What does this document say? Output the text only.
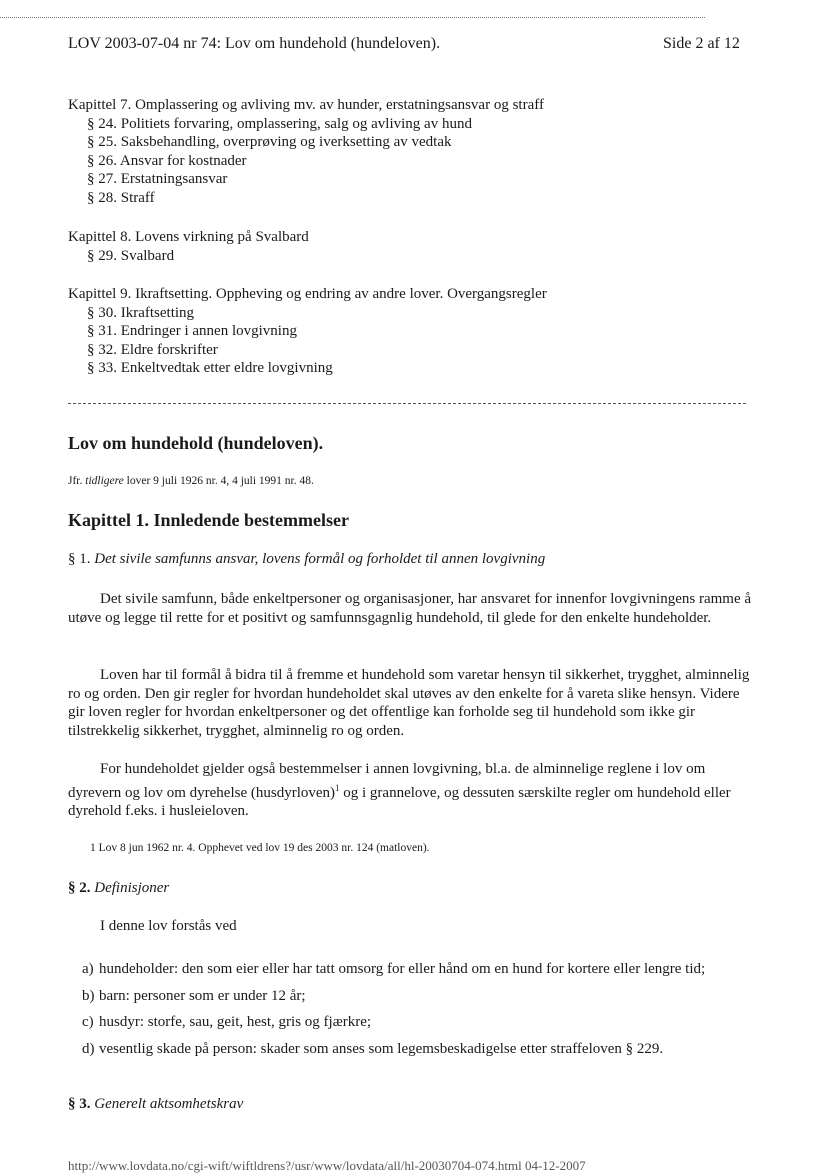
LOV 2003-07-04 nr 74: Lov om hundehold (hundeloven).	Side 2 af 12

Kapittel 7. Omplassering og avliving mv. av hunder, erstatningsansvar og straff

§ 24. Politiets forvaring, omplassering, salg og avliving av hund

§ 25. Saksbehandling, overprøving og iverksetting av vedtak

§ 26. Ansvar for kostnader

§ 27. Erstatningsansvar

§ 28. Straff

Kapittel 8. Lovens virkning på Svalbard

§ 29. Svalbard

Kapittel 9. Ikraftsetting. Oppheving og endring av andre lover. Overgangsregler

§ 30. Ikraftsetting

§ 31. Endringer i annen lovgivning

§ 32. Eldre forskrifter

§ 33. Enkeltvedtak etter eldre lovgivning

Lov om hundehold (hundeloven).
Jfr. tidligere lover 9 juli 1926 nr. 4, 4 juli 1991 nr. 48.
Kapittel 1. Innledende bestemmelser
§ 1. Det sivile samfunns ansvar, lovens formål og forholdet til annen lovgivning

Det sivile samfunn, både enkeltpersoner og organisasjoner, har ansvaret for innenfor lovgivningens ramme å utøve og legge til rette for et positivt og samfunnsgagnlig hundehold, til glede for den enkelte hundeholder.

Loven har til formål å bidra til å fremme et hundehold som varetar hensyn til sikkerhet, trygghet, alminnelig ro og orden. Den gir regler for hvordan hundeholdet skal utøves av den enkelte for å vareta slike hensyn. Videre gir loven regler for hvordan enkeltpersoner og det offentlige kan forholde seg til hundehold som ikke gir tilstrekkelig sikkerhet, trygghet, alminnelig ro og orden.

For hundeholdet gjelder også bestemmelser i annen lovgivning, bl.a. de alminnelige reglene i lov om dyrevern og lov om dyrehelse (husdyrloven)$^1$ og i grannelove, og dessuten særskilte regler om hundehold eller dyrehold f.eks. i husleieloven.

1 Lov 8 jun 1962 nr. 4. Opphevet ved lov 19 des 2003 nr. 124 (matloven).
§ 2. Definisjoner
I denne lov forstås ved
a) hundeholder: den som eier eller har tatt omsorg for eller hånd om en hund for kortere eller lengre tid;
b) barn: personer som er under 12 år;
c) husdyr: storfe, sau, geit, hest, gris og fjærkre;
d) vesentlig skade på person: skader som anses som legemsbeskadigelse etter straffeloven § 229.
§ 3. Generelt aktsomhetskrav
http://www.lovdata.no/cgi-wift/wiftldrens?/usr/www/lovdata/all/hl-20030704-074.html 04-12-2007
